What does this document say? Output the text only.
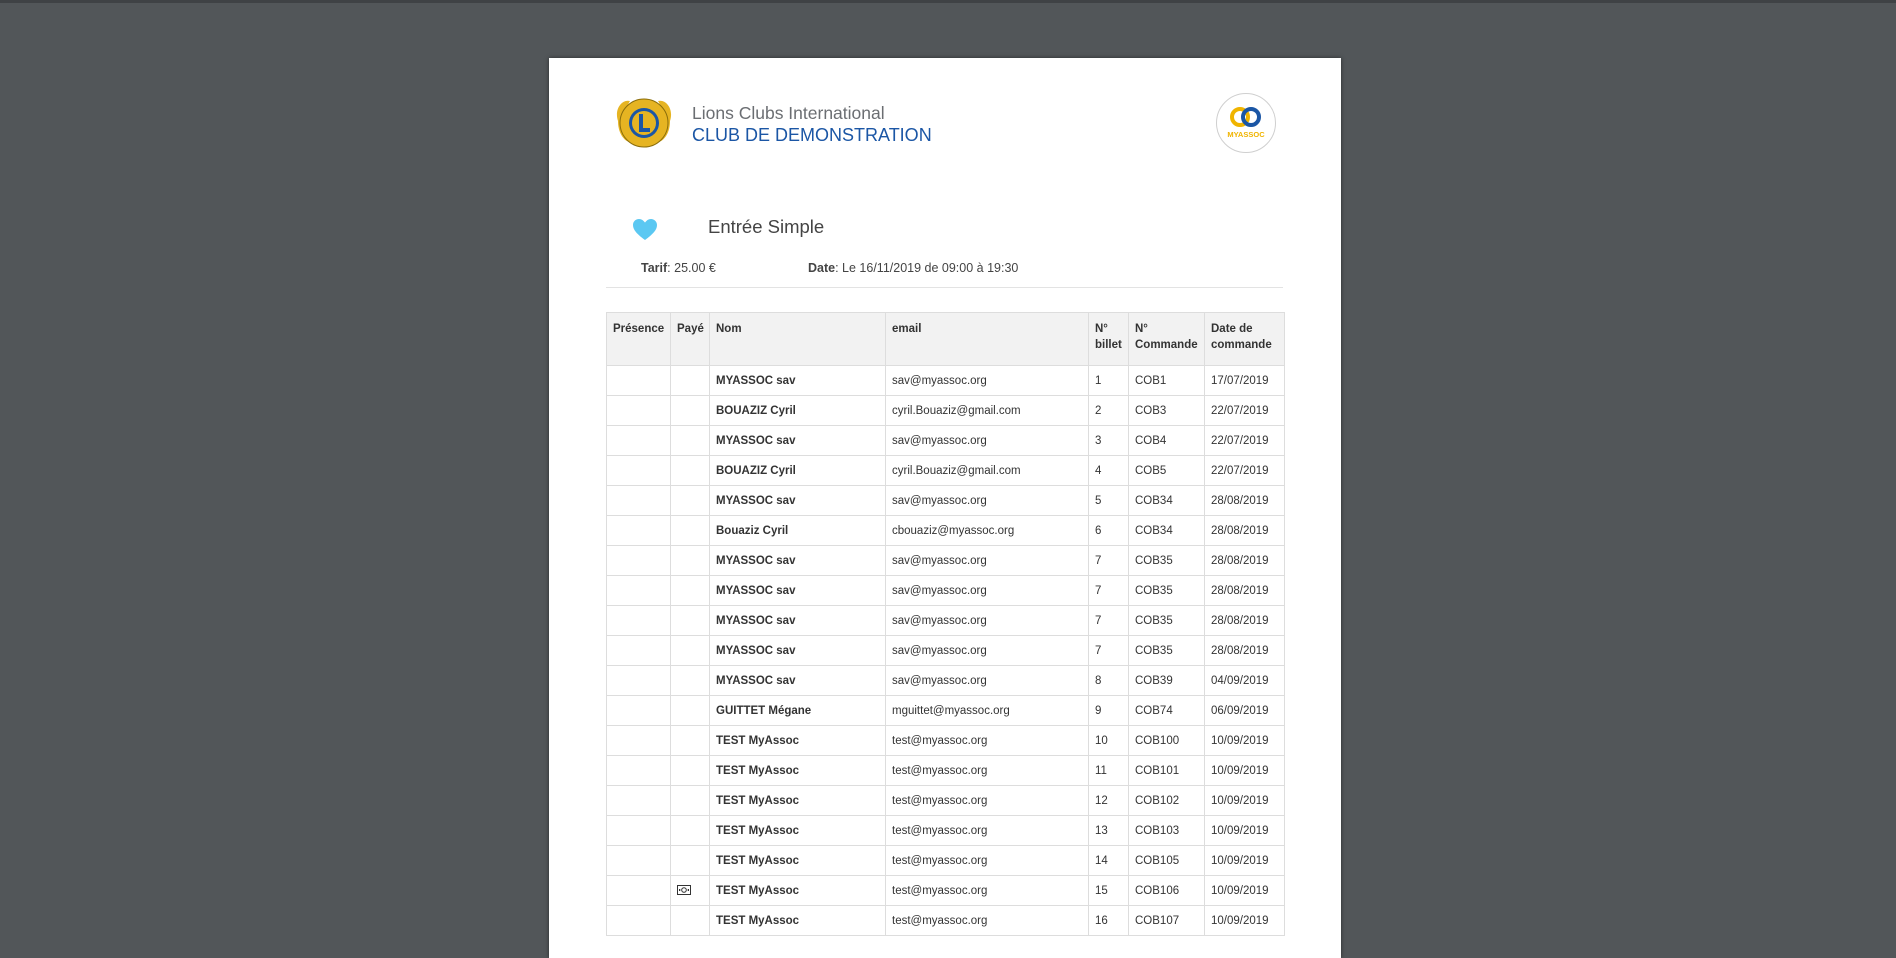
Lions Clubs International
CLUB DE DEMONSTRATION	MYASSOC
Entrée Simple
Tarif: 25.00 €	Date: Le 16/11/2019 de 09:00 à 19:30
Présence	Payé	Nom	email	N° billet	N° Commande	Date de commande
		MYASSOC sav	sav@myassoc.org	1	COB1	17/07/2019
		BOUAZIZ Cyril	cyril.Bouaziz@gmail.com	2	COB3	22/07/2019
		MYASSOC sav	sav@myassoc.org	3	COB4	22/07/2019
		BOUAZIZ Cyril	cyril.Bouaziz@gmail.com	4	COB5	22/07/2019
		MYASSOC sav	sav@myassoc.org	5	COB34	28/08/2019
		Bouaziz Cyril	cbouaziz@myassoc.org	6	COB34	28/08/2019
		MYASSOC sav	sav@myassoc.org	7	COB35	28/08/2019
		MYASSOC sav	sav@myassoc.org	7	COB35	28/08/2019
		MYASSOC sav	sav@myassoc.org	7	COB35	28/08/2019
		MYASSOC sav	sav@myassoc.org	7	COB35	28/08/2019
		MYASSOC sav	sav@myassoc.org	8	COB39	04/09/2019
		GUITTET Mégane	mguittet@myassoc.org	9	COB74	06/09/2019
		TEST MyAssoc	test@myassoc.org	10	COB100	10/09/2019
		TEST MyAssoc	test@myassoc.org	11	COB101	10/09/2019
		TEST MyAssoc	test@myassoc.org	12	COB102	10/09/2019
		TEST MyAssoc	test@myassoc.org	13	COB103	10/09/2019
		TEST MyAssoc	test@myassoc.org	14	COB105	10/09/2019
		TEST MyAssoc	test@myassoc.org	15	COB106	10/09/2019
		TEST MyAssoc	test@myassoc.org	16	COB107	10/09/2019
